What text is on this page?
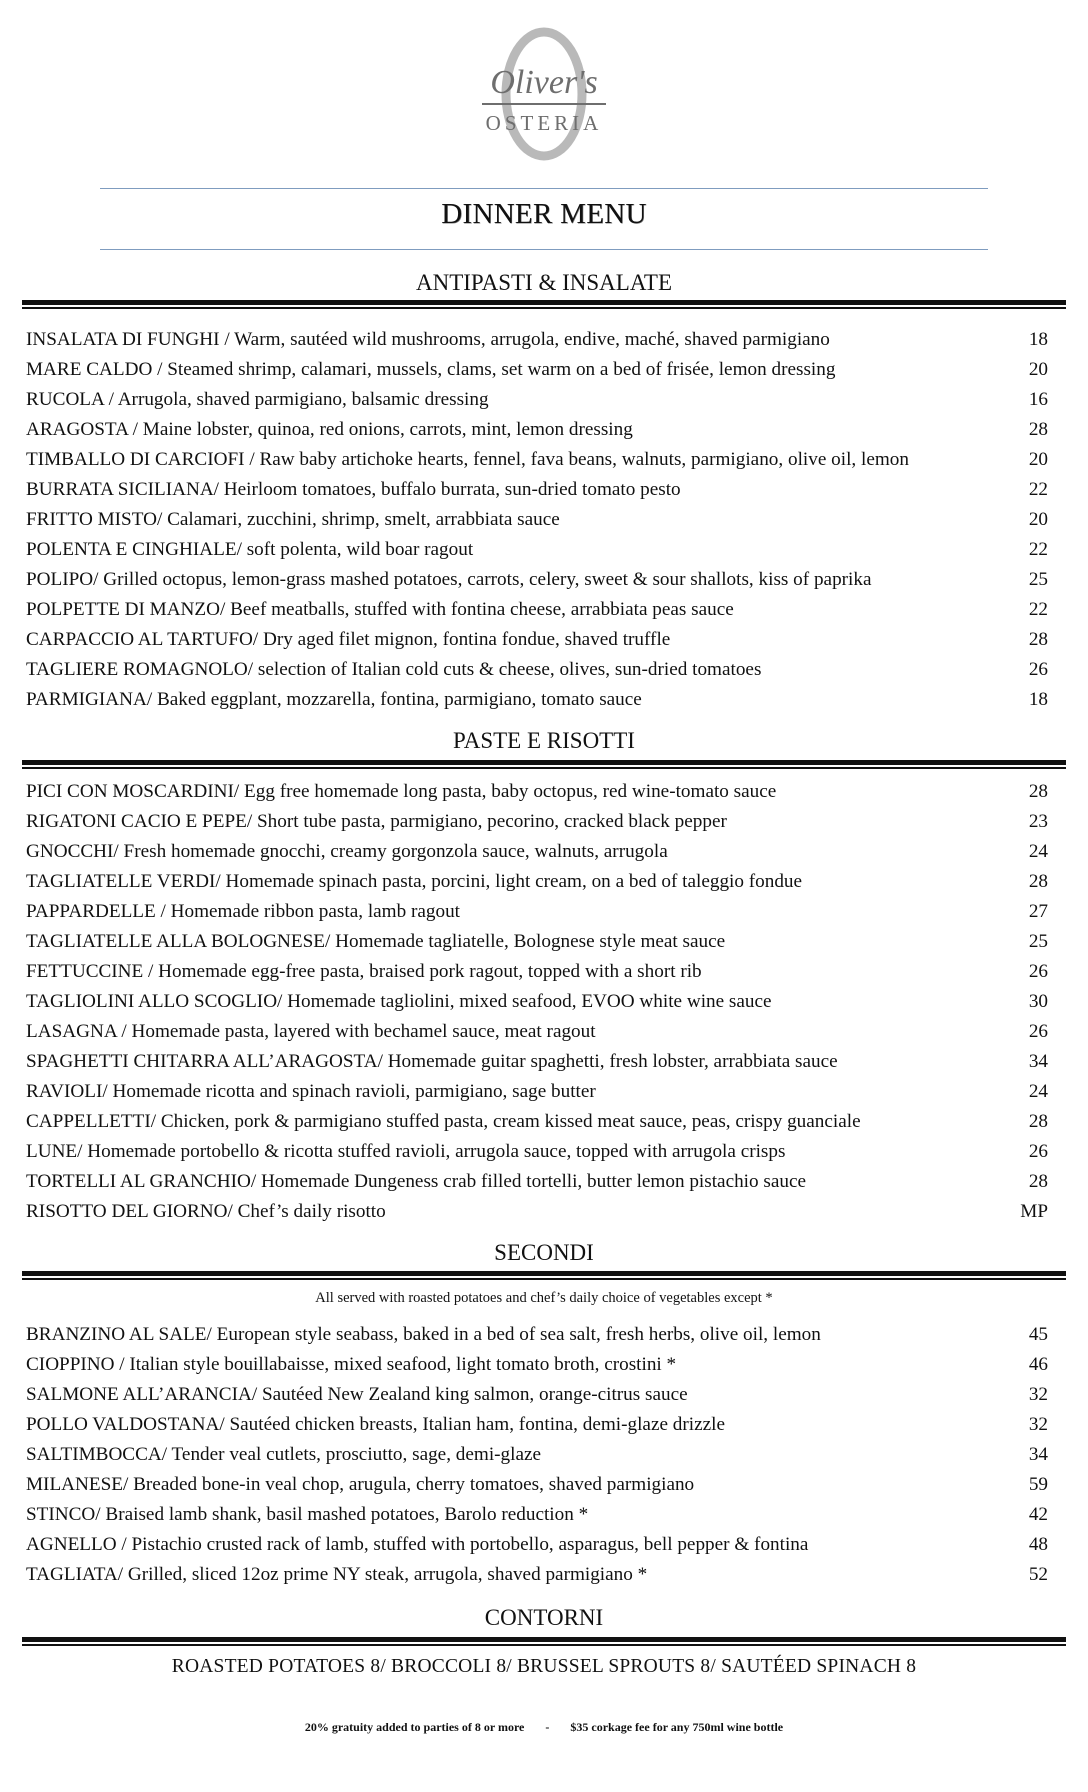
Oliver's
OSTERIA
DINNER MENU
ANTIPASTI & INSALATE
INSALATA DI FUNGHI / Warm, sautéed wild mushrooms, arrugola, endive, maché, shaved parmigiano	18
MARE CALDO / Steamed shrimp, calamari, mussels, clams, set warm on a bed of frisée, lemon dressing	20
RUCOLA / Arrugola, shaved parmigiano, balsamic dressing	16
ARAGOSTA / Maine lobster, quinoa, red onions, carrots, mint, lemon dressing	28
TIMBALLO DI CARCIOFI / Raw baby artichoke hearts, fennel, fava beans, walnuts, parmigiano, olive oil, lemon	20
BURRATA SICILIANA/ Heirloom tomatoes, buffalo burrata, sun-dried tomato pesto	22
FRITTO MISTO/ Calamari, zucchini, shrimp, smelt, arrabbiata sauce	20
POLENTA E CINGHIALE/ soft polenta, wild boar ragout	22
POLIPO/ Grilled octopus, lemon-grass mashed potatoes, carrots, celery, sweet & sour shallots, kiss of paprika	25
POLPETTE DI MANZO/ Beef meatballs, stuffed with fontina cheese, arrabbiata peas sauce	22
CARPACCIO AL TARTUFO/ Dry aged filet mignon, fontina fondue, shaved truffle	28
TAGLIERE ROMAGNOLO/ selection of Italian cold cuts & cheese, olives, sun-dried tomatoes	26
PARMIGIANA/ Baked eggplant, mozzarella, fontina, parmigiano, tomato sauce	18
PASTE E RISOTTI
PICI CON MOSCARDINI/ Egg free homemade long pasta, baby octopus, red wine-tomato sauce	28
RIGATONI CACIO E PEPE/ Short tube pasta, parmigiano, pecorino, cracked black pepper	23
GNOCCHI/ Fresh homemade gnocchi, creamy gorgonzola sauce, walnuts, arrugola	24
TAGLIATELLE VERDI/ Homemade spinach pasta, porcini, light cream, on a bed of taleggio fondue	28
PAPPARDELLE / Homemade ribbon pasta, lamb ragout	27
TAGLIATELLE ALLA BOLOGNESE/ Homemade tagliatelle, Bolognese style meat sauce	25
FETTUCCINE / Homemade egg-free pasta, braised pork ragout, topped with a short rib	26
TAGLIOLINI ALLO SCOGLIO/ Homemade tagliolini, mixed seafood, EVOO white wine sauce	30
LASAGNA / Homemade pasta, layered with bechamel sauce, meat ragout	26
SPAGHETTI CHITARRA ALL’ARAGOSTA/ Homemade guitar spaghetti, fresh lobster, arrabbiata sauce	34
RAVIOLI/ Homemade ricotta and spinach ravioli, parmigiano, sage butter	24
CAPPELLETTI/ Chicken, pork & parmigiano stuffed pasta, cream kissed meat sauce, peas, crispy guanciale	28
LUNE/ Homemade portobello & ricotta stuffed ravioli, arrugola sauce, topped with arrugola crisps	26
TORTELLI AL GRANCHIO/ Homemade Dungeness crab filled tortelli, butter lemon pistachio sauce	28
RISOTTO DEL GIORNO/ Chef’s daily risotto	MP
SECONDI
All served with roasted potatoes and chef’s daily choice of vegetables except *
BRANZINO AL SALE/ European style seabass, baked in a bed of sea salt, fresh herbs, olive oil, lemon	45
CIOPPINO / Italian style bouillabaisse, mixed seafood, light tomato broth, crostini *	46
SALMONE ALL’ARANCIA/ Sautéed New Zealand king salmon, orange-citrus sauce	32
POLLO VALDOSTANA/ Sautéed chicken breasts, Italian ham, fontina, demi-glaze drizzle	32
SALTIMBOCCA/ Tender veal cutlets, prosciutto, sage, demi-glaze	34
MILANESE/ Breaded bone-in veal chop, arugula, cherry tomatoes, shaved parmigiano	59
STINCO/ Braised lamb shank, basil mashed potatoes, Barolo reduction *	42
AGNELLO / Pistachio crusted rack of lamb, stuffed with portobello, asparagus, bell pepper & fontina	48
TAGLIATA/ Grilled, sliced 12oz prime NY steak, arrugola, shaved parmigiano *	52
CONTORNI
ROASTED POTATOES 8/ BROCCOLI 8/ BRUSSEL SPROUTS 8/ SAUTÉED SPINACH 8
20% gratuity added to parties of 8 or more - $35 corkage fee for any 750ml wine bottle
